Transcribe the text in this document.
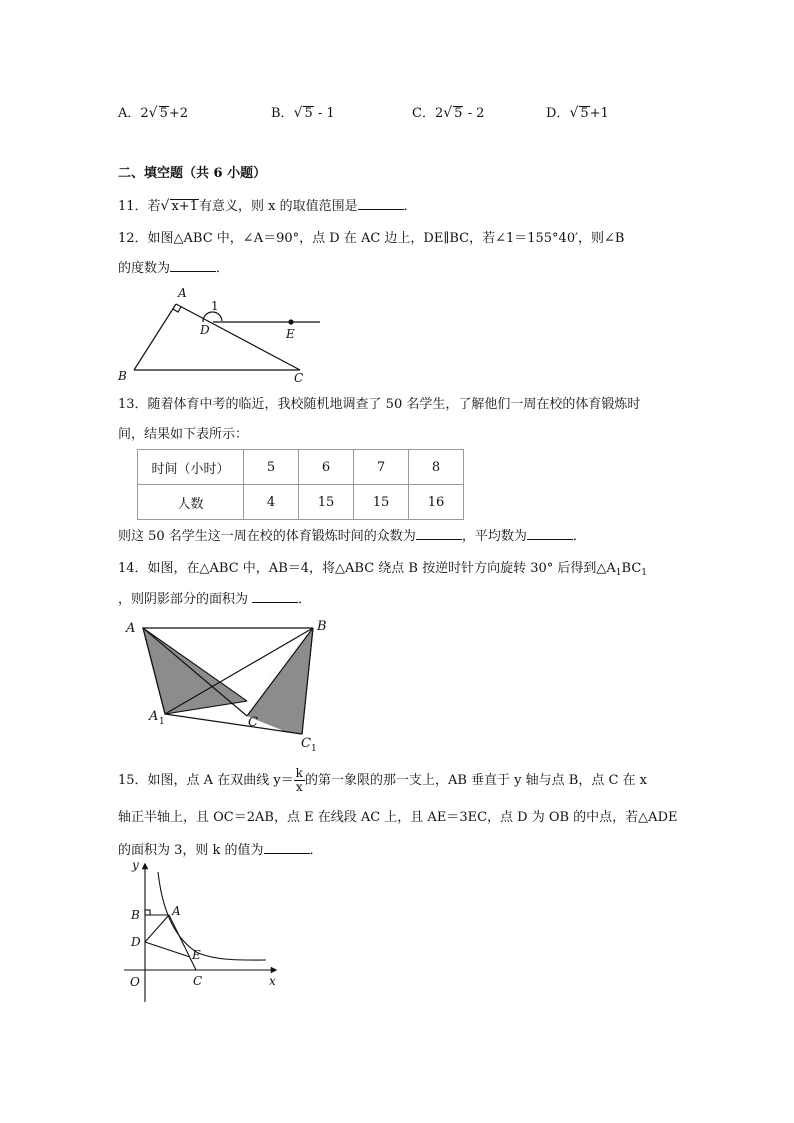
A．2√ 5+2	B．√ 5 - 1	C．2√ 5 - 2	D．√ 5+1
二、填空题（共 6 小题）
11．若√ x+1有意义，则 x 的取值范围是	．
12．如图△ABC 中，∠A＝90°，点 D 在 AC 边上，DE∥BC，若∠1＝155°40′，则∠B
的度数为	．
A
1
D	E
B	C
13．随着体育中考的临近，我校随机地调查了 50 名学生，了解他们一周在校的体育锻炼时
间，结果如下表所示：
时间（小时）	5	6	7	8
人数	4	15	15	16
则这 50 名学生这一周在校的体育锻炼时间的众数为	，平均数为	．
14．如图，在△ABC 中，AB＝4，将△ABC 绕点 B 按逆时针方向旋转 30° 后得到$\triangle A_1BC_1$
，则阴影部分的面积为	．
A	B
A 1	C
C 1
15．如图，点 A 在双曲线 $y= \frac{k}{x}$ 的第一象限的那一支上，AB 垂直于 y 轴与点 B，点 C 在 x
轴正半轴上，且 OC＝2AB，点 E 在线段 AC 上，且 AE＝3EC，点 D 为 OB 的中点，若△ADE
的面积为 3，则 k 的值为	．
y
B	A
D
E
O	C	x
